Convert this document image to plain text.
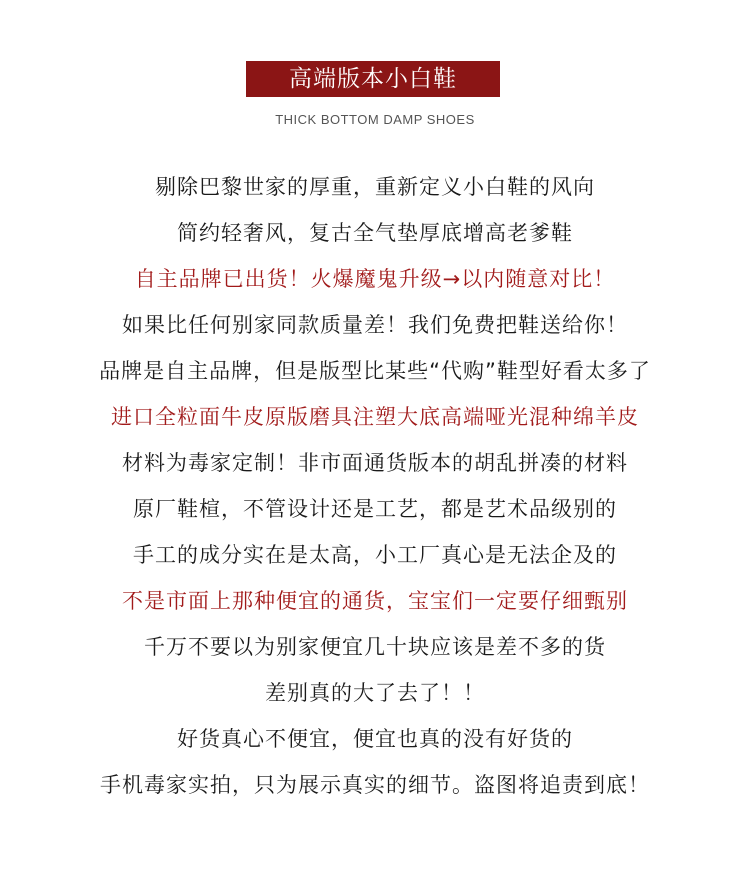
高端版本小白鞋
THICK BOTTOM DAMP SHOES
剔除巴黎世家的厚重，重新定义小白鞋的风向
简约轻奢风，复古全气垫厚底增高老爹鞋
自主品牌已出货！火爆魔鬼升级→以内随意对比！
如果比任何别家同款质量差！我们免费把鞋送给你！
品牌是自主品牌，但是版型比某些“代购”鞋型好看太多了
进口全粒面牛皮原版磨具注塑大底高端哑光混种绵羊皮
材料为毒家定制！非市面通货版本的胡乱拼凑的材料
原厂鞋楦，不管设计还是工艺，都是艺术品级别的
手工的成分实在是太高，小工厂真心是无法企及的
不是市面上那种便宜的通货，宝宝们一定要仔细甄别
千万不要以为别家便宜几十块应该是差不多的货
差别真的大了去了！！
好货真心不便宜，便宜也真的没有好货的
手机毒家实拍，只为展示真实的细节。盗图将追责到底！
